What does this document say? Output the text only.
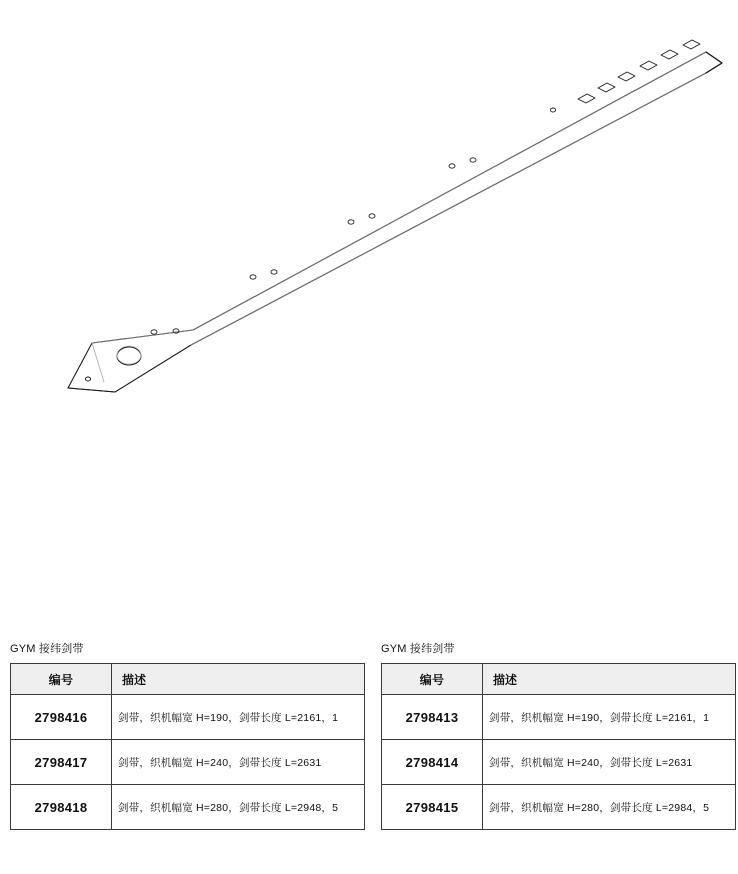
GYM 接纬剑带
编号	描述
2798416	剑带，织机幅宽 H=190，剑带长度 L=2161，1
2798417	剑带，织机幅宽 H=240，剑带长度 L=2631
2798418	剑带，织机幅宽 H=280，剑带长度 L=2948，5
GYM 接纬剑带
编号	描述
2798413	剑带，织机幅宽 H=190，剑带长度 L=2161，1
2798414	剑带，织机幅宽 H=240，剑带长度 L=2631
2798415	剑带，织机幅宽 H=280，剑带长度 L=2984，5
